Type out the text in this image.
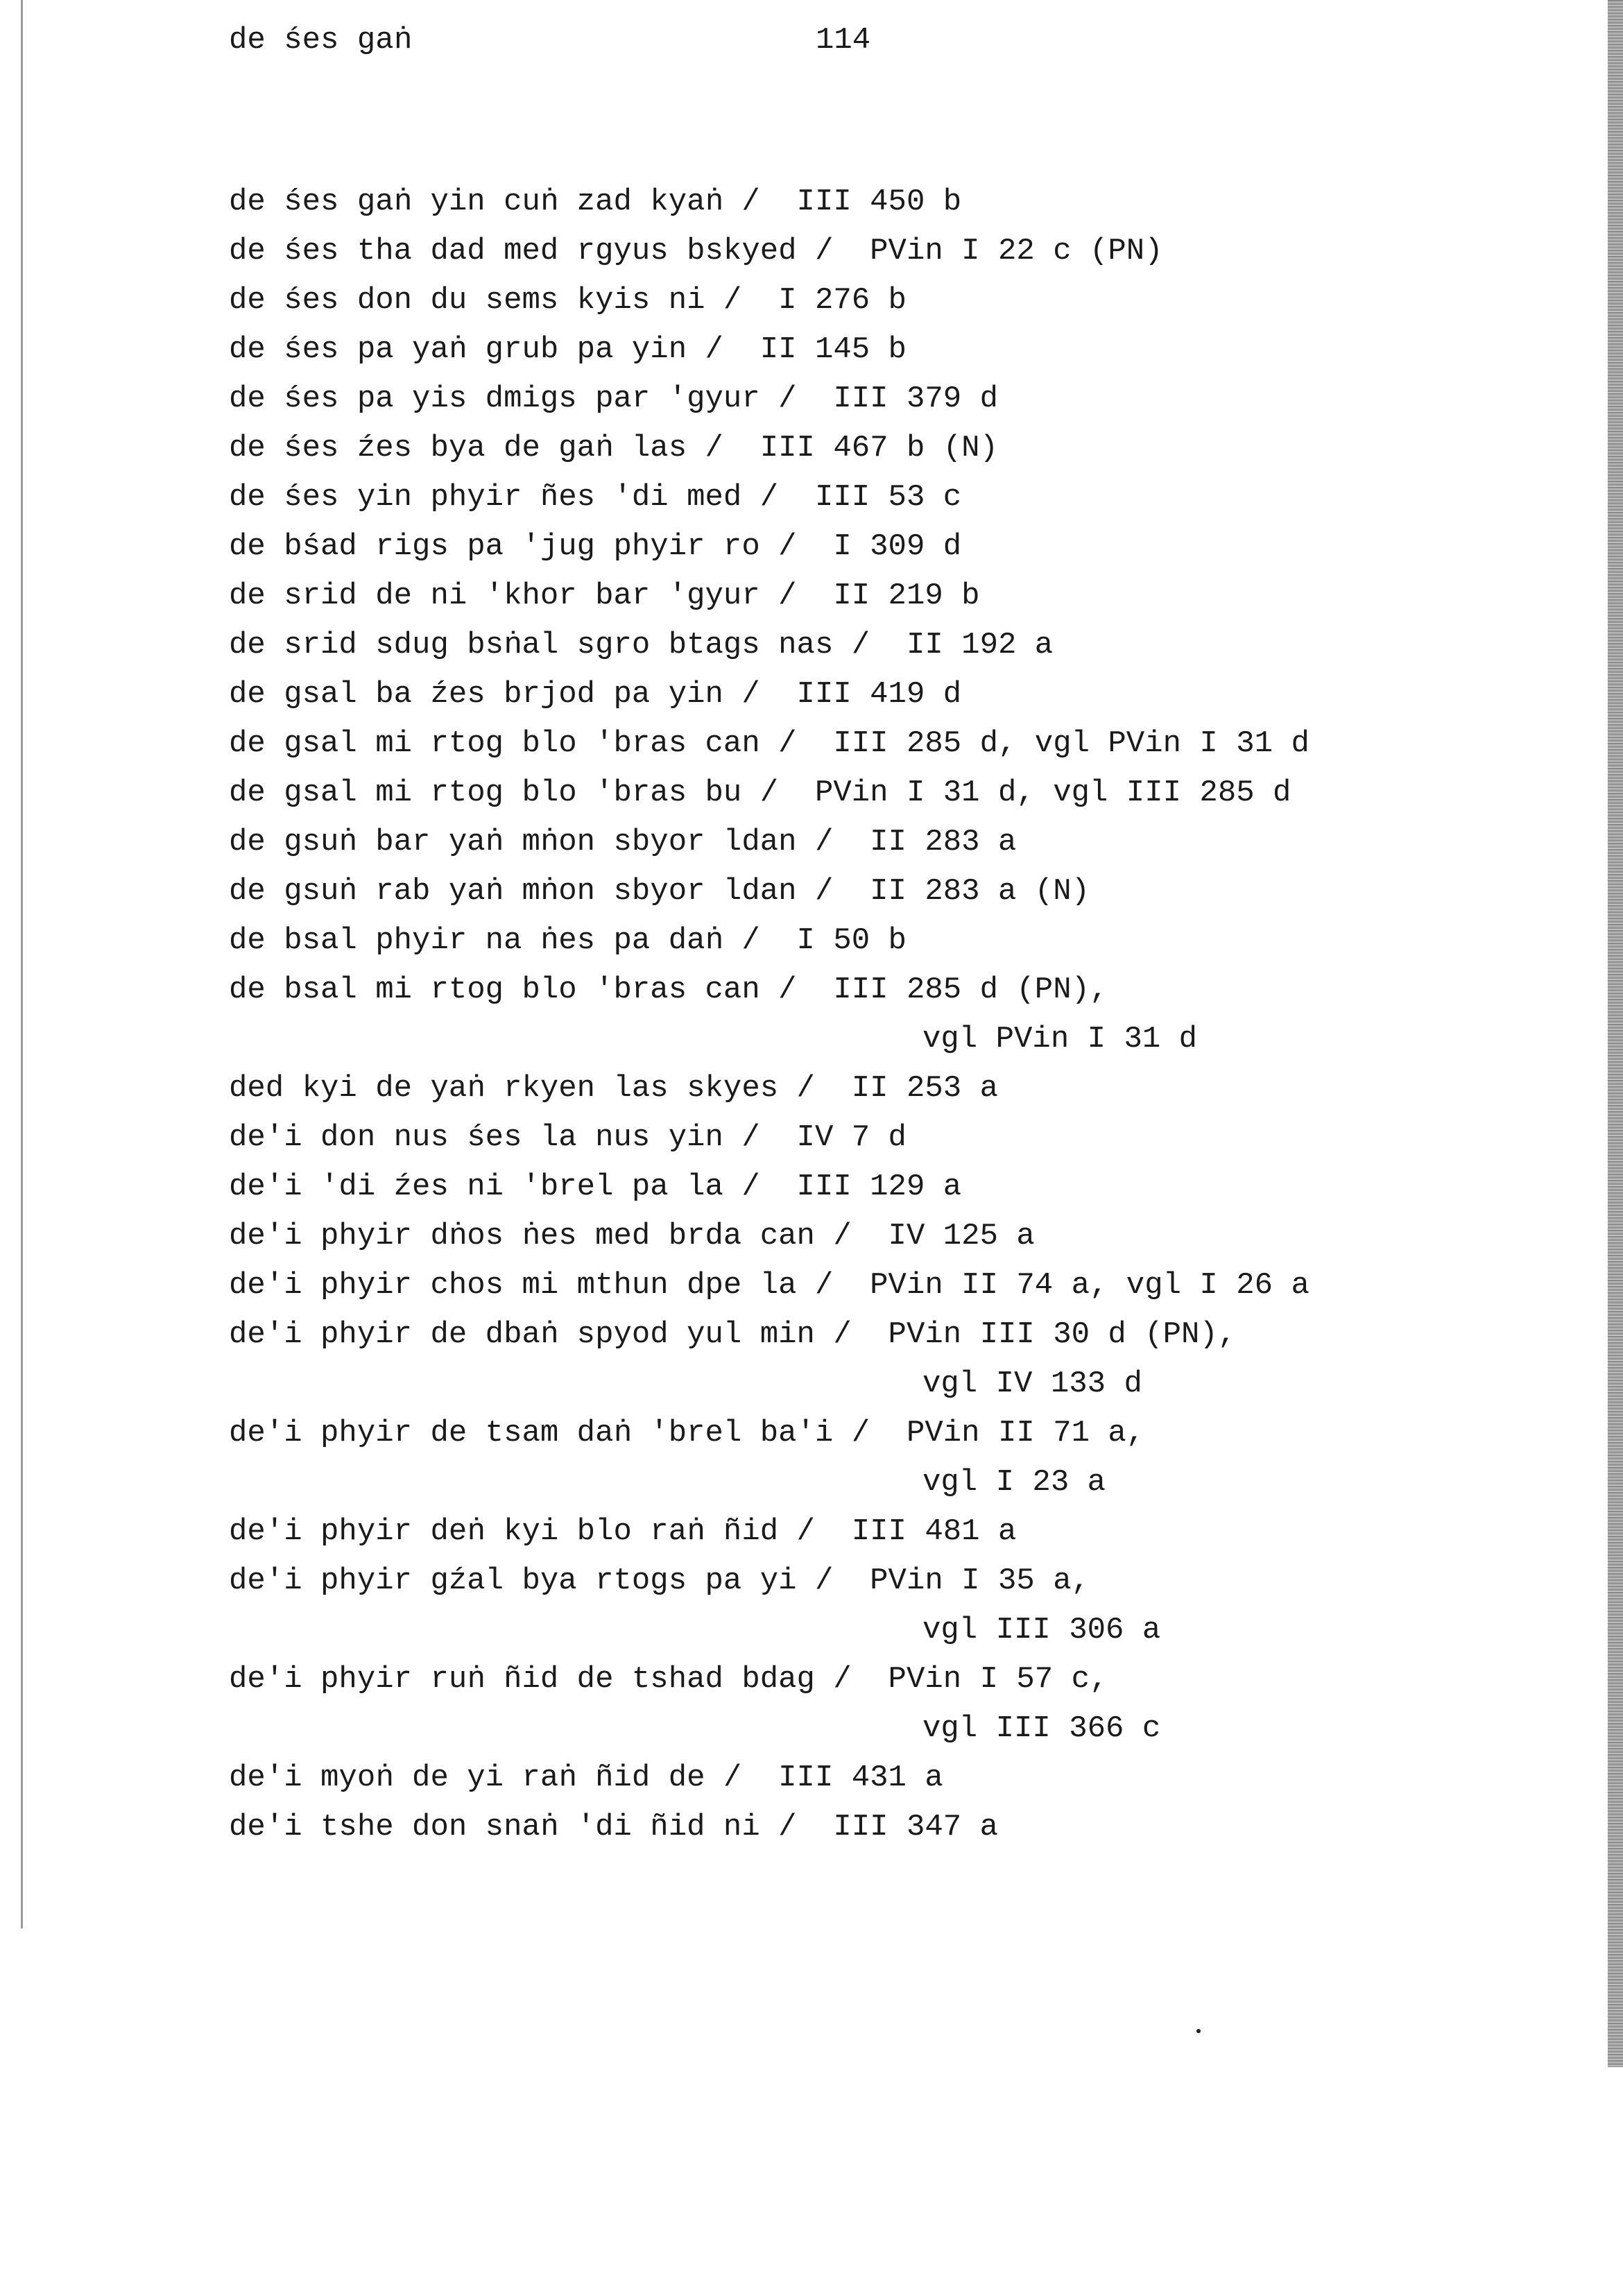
de śes gaṅ	114
de śes gaṅ yin cuṅ zad kyaṅ /  III 450 b
de śes tha dad med rgyus bskyed /  PVin I 22 c (PN)
de śes don du sems kyis ni /  I 276 b
de śes pa yaṅ grub pa yin /  II 145 b
de śes pa yis dmigs par 'gyur /  III 379 d
de śes źes bya de gaṅ las /  III 467 b (N)
de śes yin phyir ñes 'di med /  III 53 c
de bśad rigs pa 'jug phyir ro /  I 309 d
de srid de ni 'khor bar 'gyur /  II 219 b
de srid sdug bsṅal sgro btags nas /  II 192 a
de gsal ba źes brjod pa yin /  III 419 d
de gsal mi rtog blo 'bras can /  III 285 d, vgl PVin I 31 d
de gsal mi rtog blo 'bras bu /  PVin I 31 d, vgl III 285 d
de gsuṅ bar yaṅ mṅon sbyor ldan /  II 283 a
de gsuṅ rab yaṅ mṅon sbyor ldan /  II 283 a (N)
de bsal phyir na ṅes pa daṅ /  I 50 b
de bsal mi rtog blo 'bras can /  III 285 d (PN),
vgl PVin I 31 d
ded kyi de yaṅ rkyen las skyes /  II 253 a
de'i don nus śes la nus yin /  IV 7 d
de'i 'di źes ni 'brel pa la /  III 129 a
de'i phyir dṅos ṅes med brda can /  IV 125 a
de'i phyir chos mi mthun dpe la /  PVin II 74 a, vgl I 26 a
de'i phyir de dbaṅ spyod yul min /  PVin III 30 d (PN),
vgl IV 133 d
de'i phyir de tsam daṅ 'brel ba'i /  PVin II 71 a,
vgl I 23 a
de'i phyir deṅ kyi blo raṅ ñid /  III 481 a
de'i phyir gźal bya rtogs pa yi /  PVin I 35 a,
vgl III 306 a
de'i phyir ruṅ ñid de tshad bdag /  PVin I 57 c,
vgl III 366 c
de'i myoṅ de yi raṅ ñid de /  III 431 a
de'i tshe don snaṅ 'di ñid ni /  III 347 a
